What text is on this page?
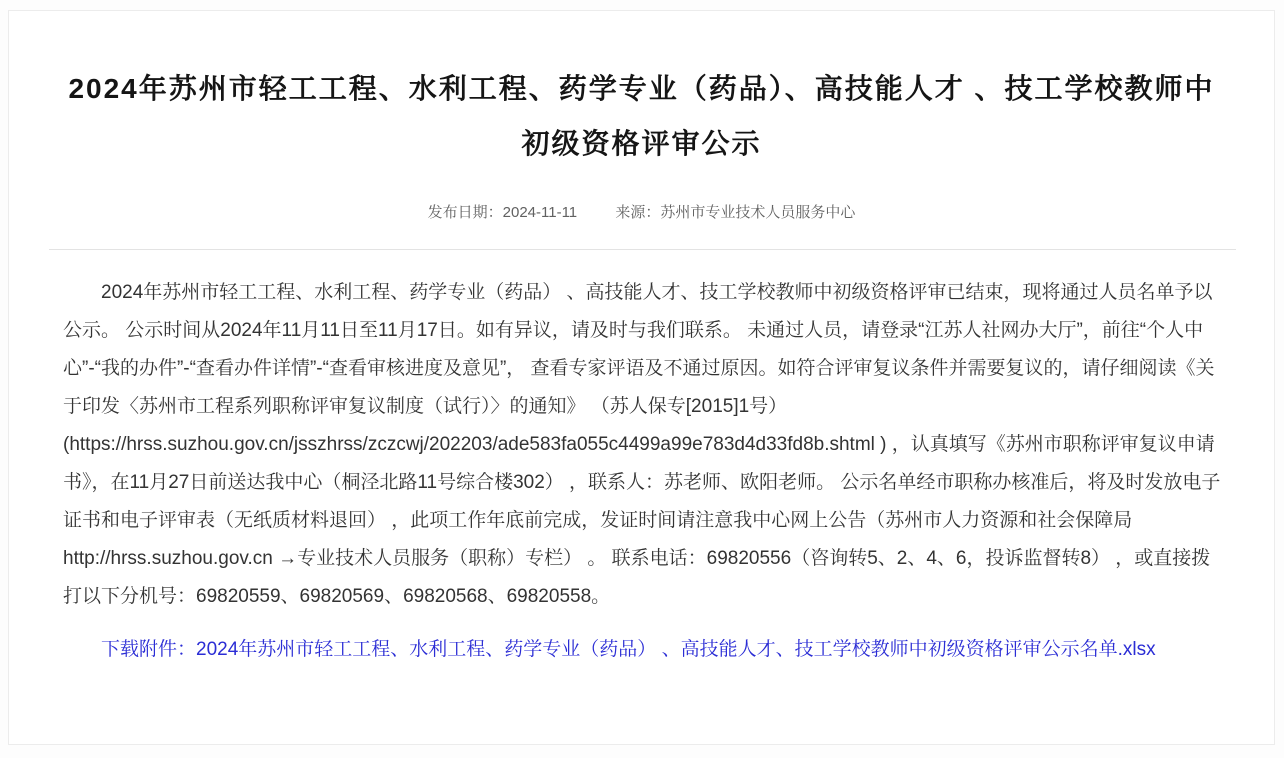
2024年苏州市轻工工程、水利工程、药学专业（药品）、高技能人才 、技工学校教师中初级资格评审公示
发布日期：2024-11-11	来源：苏州市专业技术人员服务中心

2024年苏州市轻工工程、水利工程、药学专业（药品） 、高技能人才、技工学校教师中初级资格评审已结束，现将通过人员名单予以公示。 公示时间从2024年11月11日至11月17日。如有异议，请及时与我们联系。 未通过人员，请登录“江苏人社网办大厅”，前往“个人中心”-“我的办件”-“查看办件详情”-“查看审核进度及意见”， 查看专家评语及不通过原因。如符合评审复议条件并需要复议的，请仔细阅读《关于印发〈苏州市工程系列职称评审复议制度（试行）〉的通知》 （苏人保专[2015]1号）(https://hrss.suzhou.gov.cn/jsszhrss/zczcwj/202203/ade583fa055c4499a99e783d4d33fd8b.shtml ) ，认真填写《苏州市职称评审复议申请书》，在11月27日前送达我中心（桐泾北路11号综合楼302） ，联系人：苏老师、欧阳老师。 公示名单经市职称办核准后，将及时发放电子证书和电子评审表（无纸质材料退回） ，此项工作年底前完成，发证时间请注意我中心网上公告（苏州市人力资源和社会保障局http://hrss.suzhou.gov.cn →专业技术人员服务（职称）专栏） 。 联系电话：69820556（咨询转5、2、4、6，投诉监督转8） ，或直接拨打以下分机号：69820559、69820569、69820568、69820558。

下载附件：2024年苏州市轻工工程、水利工程、药学专业（药品） 、高技能人才、技工学校教师中初级资格评审公示名单.xlsx
